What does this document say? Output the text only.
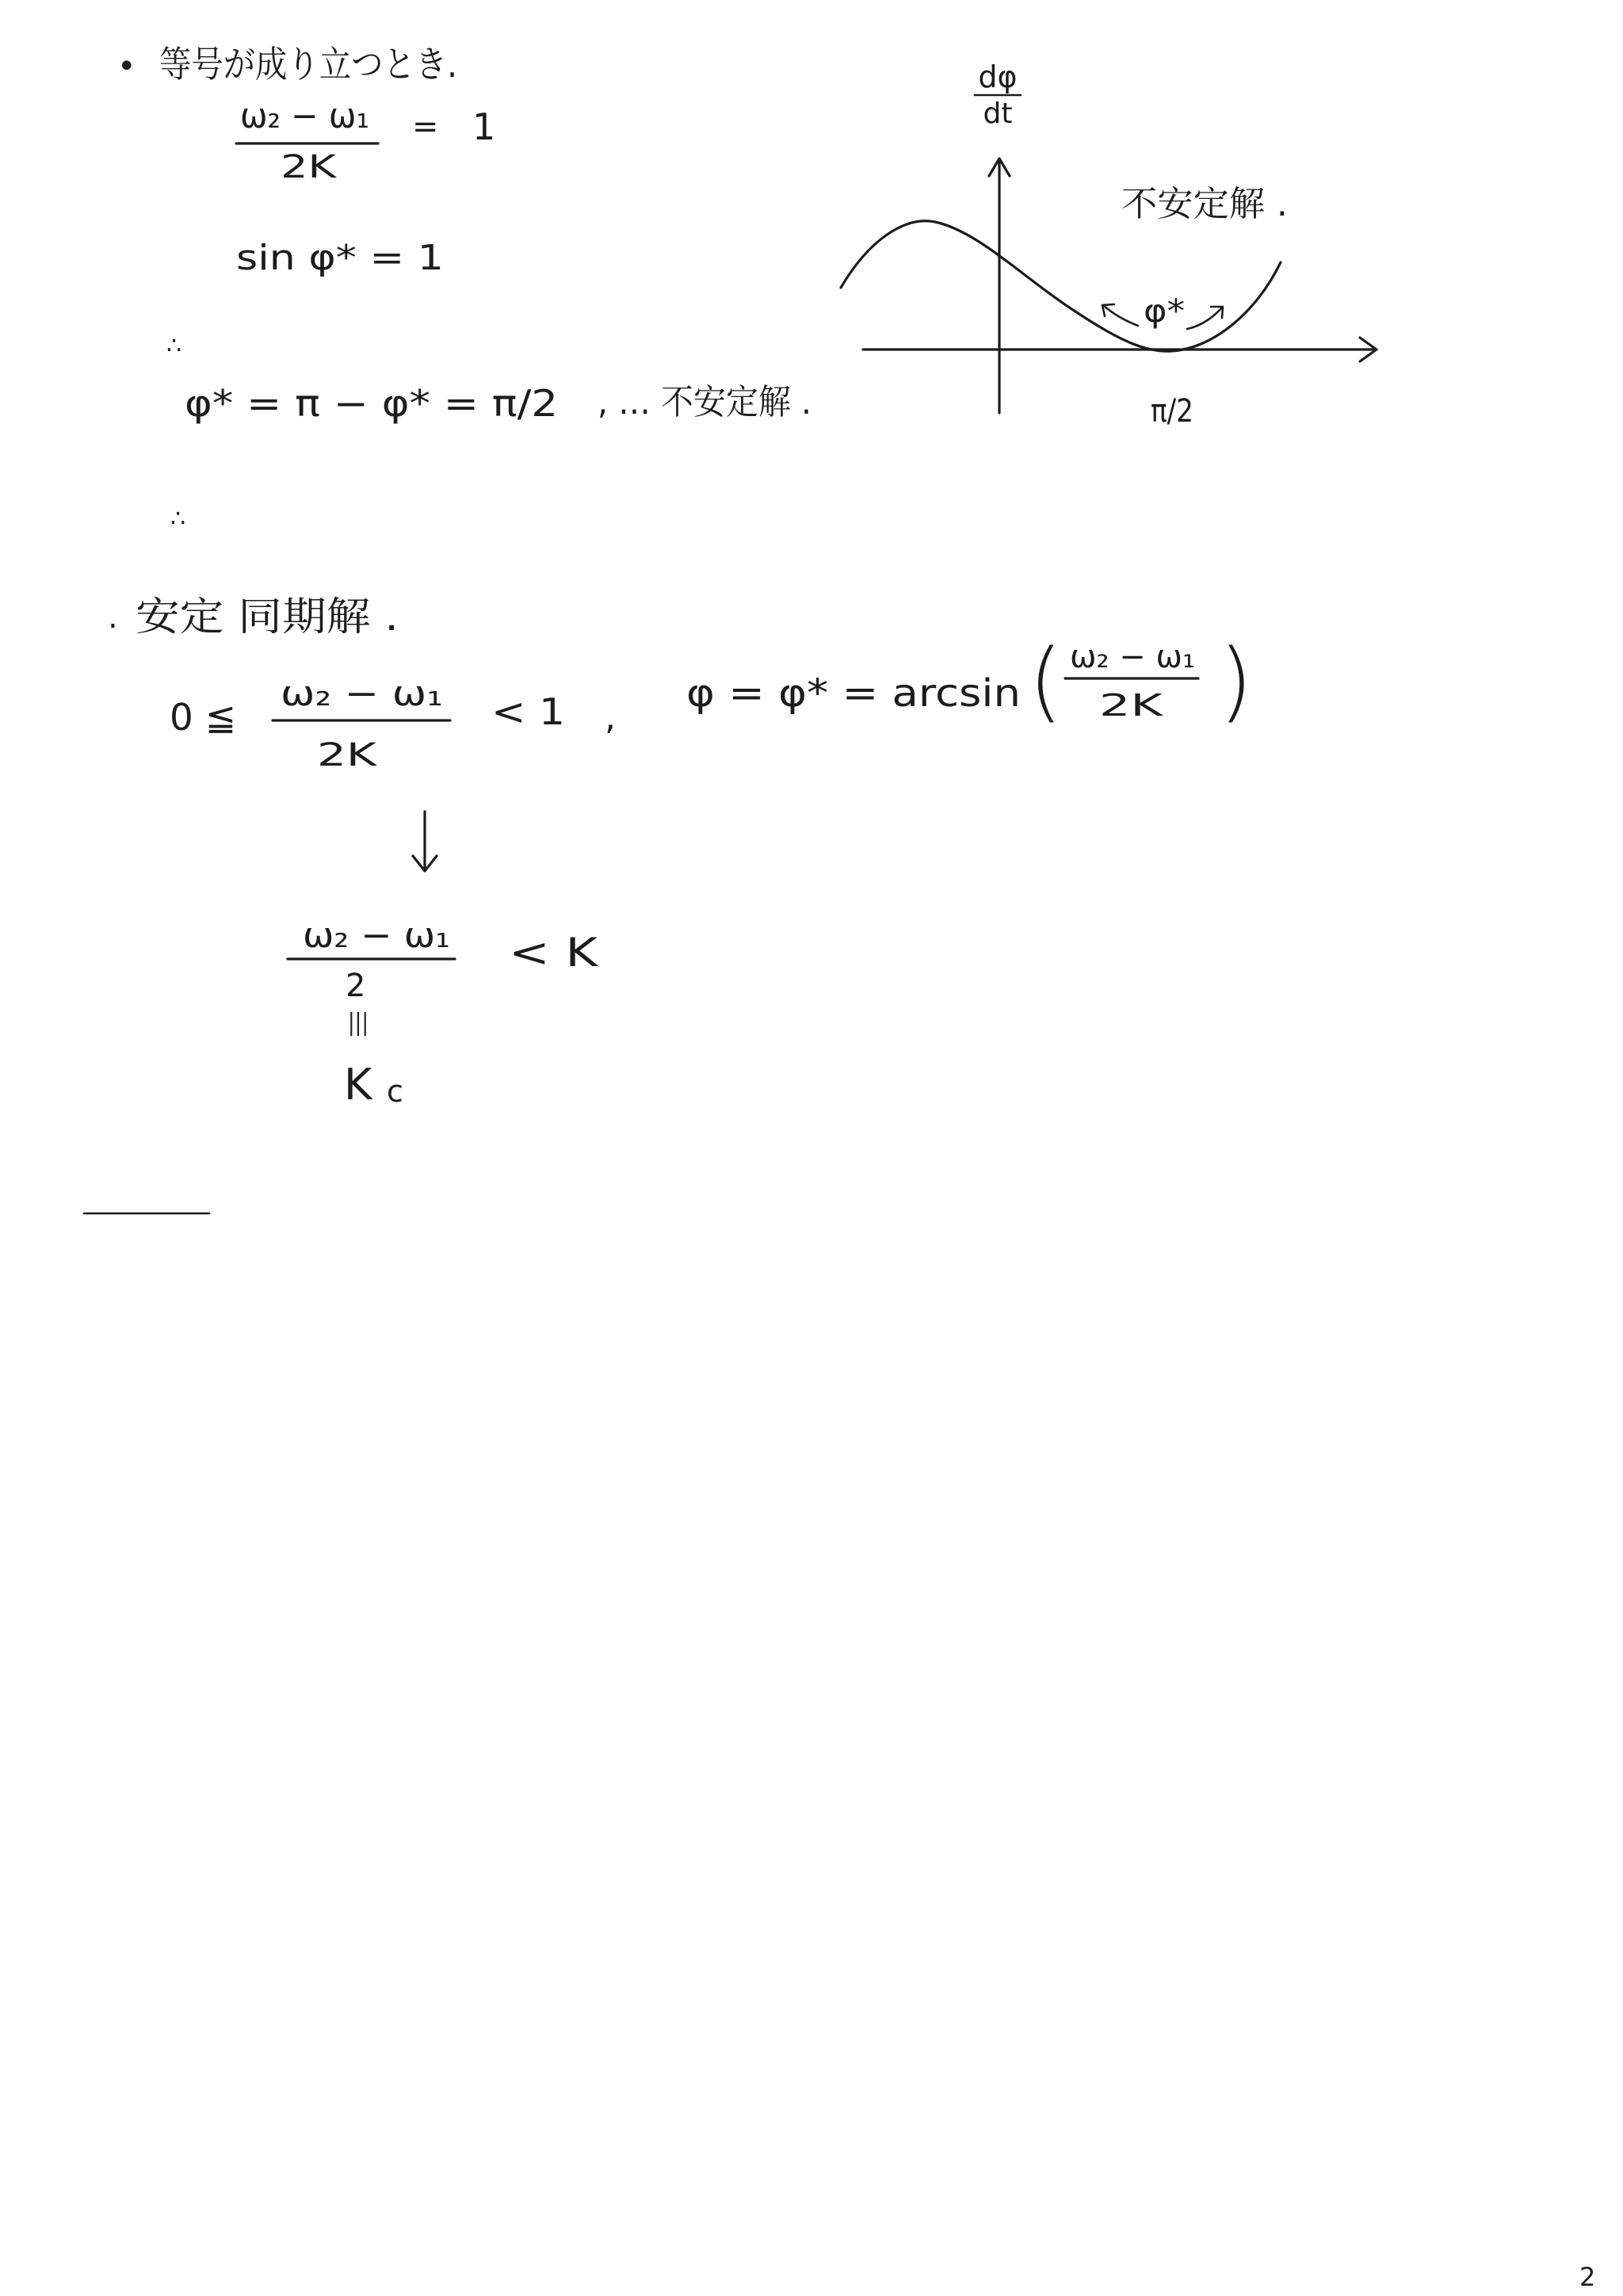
• 等号が成り立つとき.
ω₂ − ω₁
2K
= 1
sin φ* = 1
∴
φ* = π − φ* = π/2 , … 不安定解 .
dφ
dt
不安定解 .
φ*
π/2
∴
. 安定 同期解 .
0 ≦
ω₂ − ω₁
2K
< 1 ,
φ = φ* = arcsin ( ω₂ − ω₁
2K )
ω₂ − ω₁
2
< K
|||
K c
2
